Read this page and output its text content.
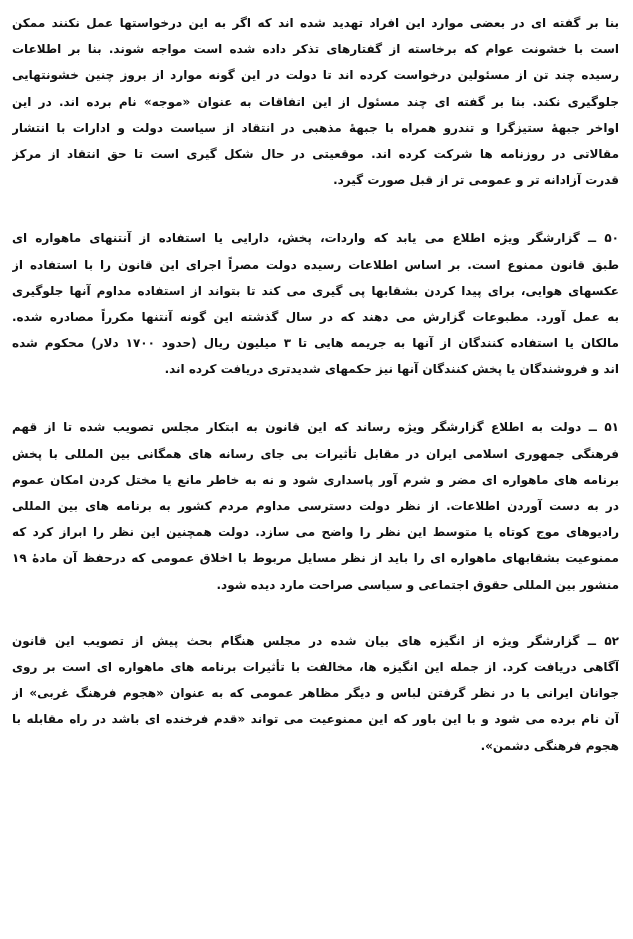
بنا بر گفته ای در بعضی موارد این افراد تهدید شده اند که اگر به این درخواستها عمل نکنند ممکن
است با خشونت عوام که برخاسته از گفتارهای تذکر داده شده است مواجه شوند. بنا بر اطلاعات
رسیده چند تن از مسئولین درخواست کرده اند تا دولت در این گونه موارد از بروز چنین خشونتهایی
جلوگیری نکند. بنا بر گفته ای چند مسئول از این اتفاقات به عنوان «موجه» نام برده اند. در این
اواخر جبههٔ ستیزگرا و تندرو همراه با جبههٔ مذهبی در انتقاد از سیاست دولت و ادارات با انتشار
مقالاتی در روزنامه ها شرکت کرده اند. موقعیتی در حال شکل گیری است تا حق انتقاد از مرکز
قدرت آزادانه تر و عمومی تر از قبل صورت گیرد.
۵۰ ــ گزارشگر ویژه اطلاع می یابد که واردات، پخش، دارایی یا استفاده از آنتنهای ماهواره ای
طبق قانون ممنوع است. بر اساس اطلاعات رسیده دولت مصراً اجرای این قانون را با استفاده از
عکسهای هوایی، برای پیدا کردن بشقابها پی گیری می کند تا بتواند از استفاده مداوم آنها جلوگیری
به عمل آورد. مطبوعات گزارش می دهند که در سال گذشته این گونه آنتنها مکرراً مصادره شده.
مالکان یا استفاده کنندگان از آنها به جریمه هایی تا ۳ میلیون ریال (حدود ۱۷۰۰ دلار) محکوم شده
اند و فروشندگان یا پخش کنندگان آنها نیز حکمهای شدیدتری دریافت کرده اند.
۵۱ ــ دولت به اطلاع گزارشگر ویژه رساند که این قانون به ابتکار مجلس تصویب شده تا از قهم
فرهنگی جمهوری اسلامی ایران در مقابل تأثیرات بی جای رسانه های همگانی بین المللی با پخش
برنامه های ماهواره ای مضر و شرم آور پاسداری شود و نه به خاطر مانع یا مختل کردن امکان عموم
در به دست آوردن اطلاعات. از نظر دولت دسترسی مداوم مردم کشور به برنامه های بین المللی
رادیوهای موج کوتاه یا متوسط این نظر را واضح می سازد. دولت همچنین این نظر را ابراز کرد که
ممنوعیت بشقابهای ماهواره ای را باید از نظر مسایل مربوط با اخلاق عمومی که درحفظ آن مادهٔ ۱۹
منشور بین المللی حقوق اجتماعی و سیاسی صراحت مارد دیده شود.
۵۲ ــ گزارشگر ویژه از انگیزه های بیان شده در مجلس هنگام بحث پیش از تصویب این قانون
آگاهی دریافت کرد. از جمله این انگیزه ها، مخالفت با تأثیرات برنامه های ماهواره ای است بر روی
جوانان ایرانی با در نظر گرفتن لباس و دیگر مظاهر عمومی که به عنوان «هجوم فرهنگ غربی» از
آن نام برده می شود و با این باور که این ممنوعیت می تواند «قدم فرخنده ای باشد در راه مقابله با
هجوم فرهنگی دشمن».
